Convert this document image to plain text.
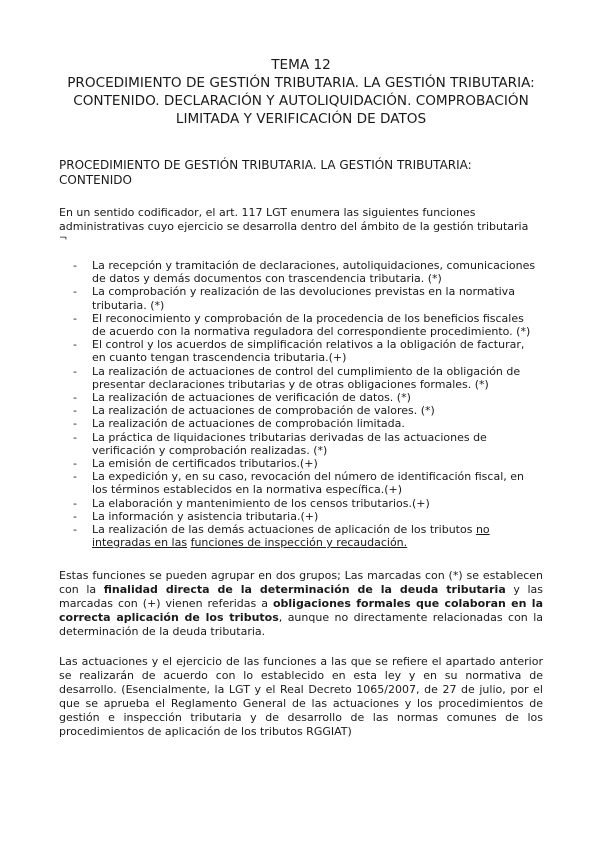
TEMA 12
PROCEDIMIENTO DE GESTIÓN TRIBUTARIA. LA GESTIÓN TRIBUTARIA: CONTENIDO. DECLARACIÓN Y AUTOLIQUIDACIÓN. COMPROBACIÓN LIMITADA Y VERIFICACIÓN DE DATOS
PROCEDIMIENTO DE GESTIÓN TRIBUTARIA. LA GESTIÓN TRIBUTARIA: CONTENIDO
En un sentido codificador, el art. 117 LGT enumera las siguientes funciones administrativas cuyo ejercicio se desarrolla dentro del ámbito de la gestión tributaria
¬
- La recepción y tramitación de declaraciones, autoliquidaciones, comunicaciones de datos y demás documentos con trascendencia tributaria. (*)
- La comprobación y realización de las devoluciones previstas en la normativa tributaria. (*)
- El reconocimiento y comprobación de la procedencia de los beneficios fiscales de acuerdo con la normativa reguladora del correspondiente procedimiento. (*)
- El control y los acuerdos de simplificación relativos a la obligación de facturar, en cuanto tengan trascendencia tributaria.(+)
- La realización de actuaciones de control del cumplimiento de la obligación de presentar declaraciones tributarias y de otras obligaciones formales. (*)
- La realización de actuaciones de verificación de datos. (*)
- La realización de actuaciones de comprobación de valores. (*)
- La realización de actuaciones de comprobación limitada.
- La práctica de liquidaciones tributarias derivadas de las actuaciones de verificación y comprobación realizadas. (*)
- La emisión de certificados tributarios.(+)
- La expedición y, en su caso, revocación del número de identificación fiscal, en los términos establecidos en la normativa específica.(+)
- La elaboración y mantenimiento de los censos tributarios.(+)
- La información y asistencia tributaria.(+)
- La realización de las demás actuaciones de aplicación de los tributos no integradas en las funciones de inspección y recaudación.

Estas funciones se pueden agrupar en dos grupos; Las marcadas con (*) se establecen con la finalidad directa de la determinación de la deuda tributaria y las marcadas con (+) vienen referidas a obligaciones formales que colaboran en la correcta aplicación de los tributos, aunque no directamente relacionadas con la determinación de la deuda tributaria.

Las actuaciones y el ejercicio de las funciones a las que se refiere el apartado anterior se realizarán de acuerdo con lo establecido en esta ley y en su normativa de desarrollo. (Esencialmente, la LGT y el Real Decreto 1065/2007, de 27 de julio, por el que se aprueba el Reglamento General de las actuaciones y los procedimientos de gestión e inspección tributaria y de desarrollo de las normas comunes de los procedimientos de aplicación de los tributos RGGIAT)
